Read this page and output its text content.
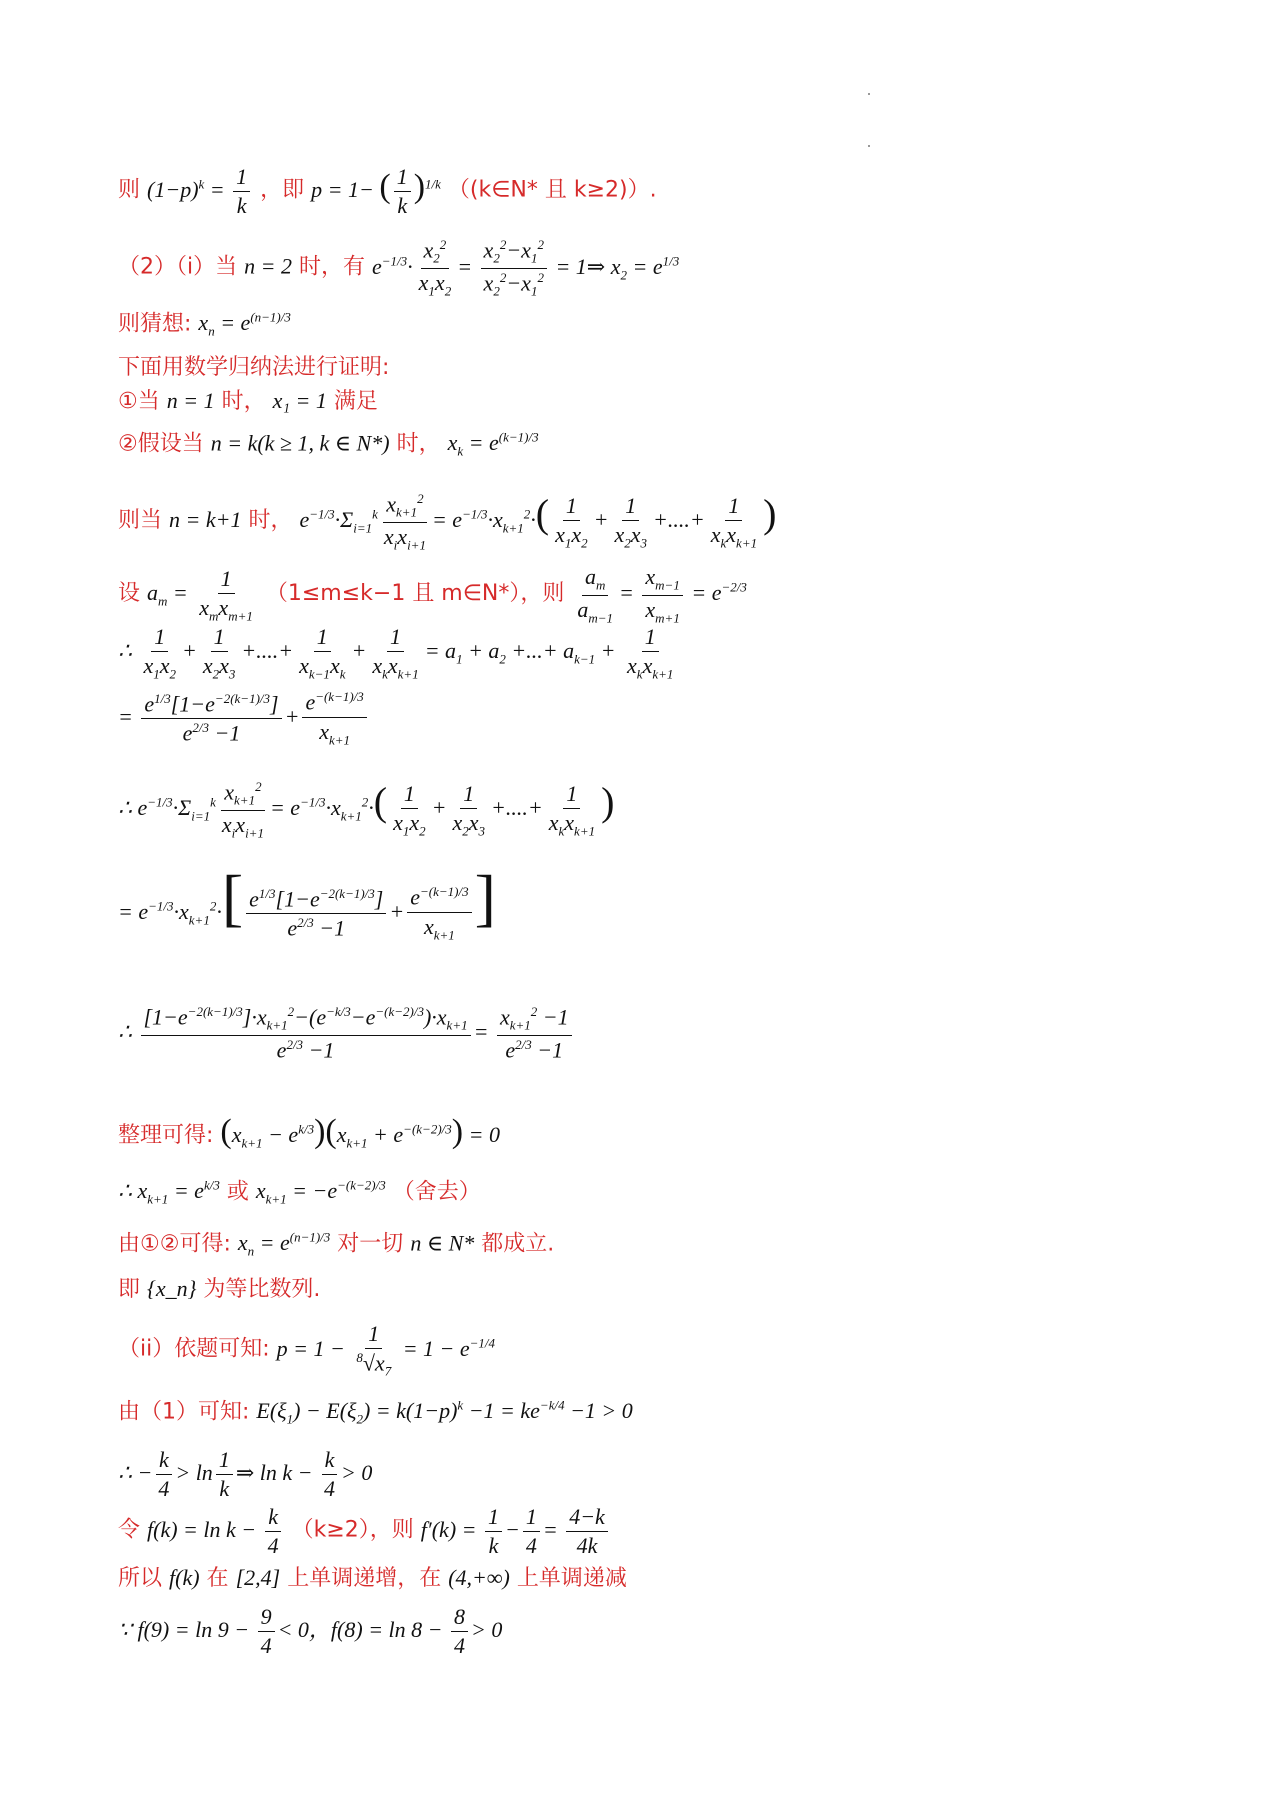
则 $(1-p)^k = \frac{1}{k}$ ，即 p = 1− ( $\frac{1}{k} )^{1/k}$ （(k∈N* 且 k≥2)）.
（2）（i）当 n = 2 时，有 $e^{-1/3}\cdot \frac{x_2^2}{x_1x_2} = \frac{x_2^2-x_1^2}{x_2^2-x_1^2}$ = 1⇒ $x_2 = e^{1/3}$
则猜想: $x_n = e^{(n-1)/3}$
下面用数学归纳法进行证明:
①当 n = 1 时， x₁ = 1 满足
②假设当 n = k(k ≥ 1, k ∈ N*) 时， $x_k = e^{(k-1)/3}$
则当 n = k+1 时， $e^{-1/3}\cdot\Sigma_{i=1}^k \frac{x_{k+1}^2}{x_ix_{i+1}} = e^{-1/3}\cdot x_{k+1}^2\cdot( \frac{1}{x_1x_2} + \frac{1}{x_2x_3}$ +....+ $\frac{1}{x_kx_{k+1}}$ )
设 $a_m = \frac{1}{x_mx_{m+1}} (1\le m\le k-1$ 且 m∈N*），则 $\frac{a_m}{a_{m-1}} = \frac{x_{m-1}}{x_{m+1}} = e^{-2/3}$
∴ $\frac{1}{x_1x_2} + \frac{1}{x_2x_3}$ +....+ $\frac{1}{x_{k-1}x_k} + \frac{1}{x_kx_{k+1}} = a_1 + a_2$ +...+ $a_{k-1} + \frac{1}{x_kx_{k+1}}$
= $\frac{e^{1/3}[1-e^{-2(k-1)/3}]}{e^{2/3} -1} + \frac{e^{-(k-1)/3}}{x_{k+1}}$
∴ $e^{-1/3}\cdot\Sigma_{i=1}^k \frac{x_{k+1}^2}{x_ix_{i+1}} = e^{-1/3}\cdot x_{k+1}^2\cdot( \frac{1}{x_1x_2} + \frac{1}{x_2x_3}$ +....+ $\frac{1}{x_kx_{k+1}}$ )
= $e^{-1/3}\cdot x_{k+1}^2\cdot[ \frac{e^{1/3}[1-e^{-2(k-1)/3}]}{e^{2/3} -1} + \frac{e^{-(k-1)/3}}{x_{k+1}}$ ]
∴ $\frac{[1-e^{-2(k-1)/3}]\cdot x_{k+1}^2-(e^{-k/3}-e^{-(k-2)/3})\cdot x_{k+1}}{e^{2/3} -1} = \frac{x_{k+1}^2 -1}{e^{2/3} -1}$
整理可得: $(x_{k+1} - e^{k/3})(x_{k+1} + e^{-(k-2)/3}) = 0$
∴ $x_{k+1} = e^{k/3}$ 或 $x_{k+1} = -e^{-(k-2)/3}$ （舍去）
由①②可得: $x_n = e^{(n-1)/3}$ 对一切 n ∈ N* 都成立.
即 {x_n} 为等比数列.
（ii）依题可知: $p = 1 - \frac{1}{^8√x_7} = 1 - e^{-1/4}$
由（1）可知: $E(\xi_1) - E(\xi_2) = k(1-p)^k -1 = ke^{-k/4} -1 > 0$
∴ − $\frac{k}{4} > \ln \frac{1}{k}$ ⇒ $\ln k - \frac{k}{4} > 0$
令 $f(k) = \ln k - \frac{k}{4} (k\ge 2)$，则 $f'(k) = \frac{1}{k} - \frac{1}{4} = \frac{4-k}{4k}$
所以 f(k) 在 [2,4] 上单调递增，在 (4,+∞) 上单调递减
∵ $f(9) = \ln 9 - \frac{9}{4} < 0$，$f(8) = \ln 8 - \frac{8}{4} > 0$
